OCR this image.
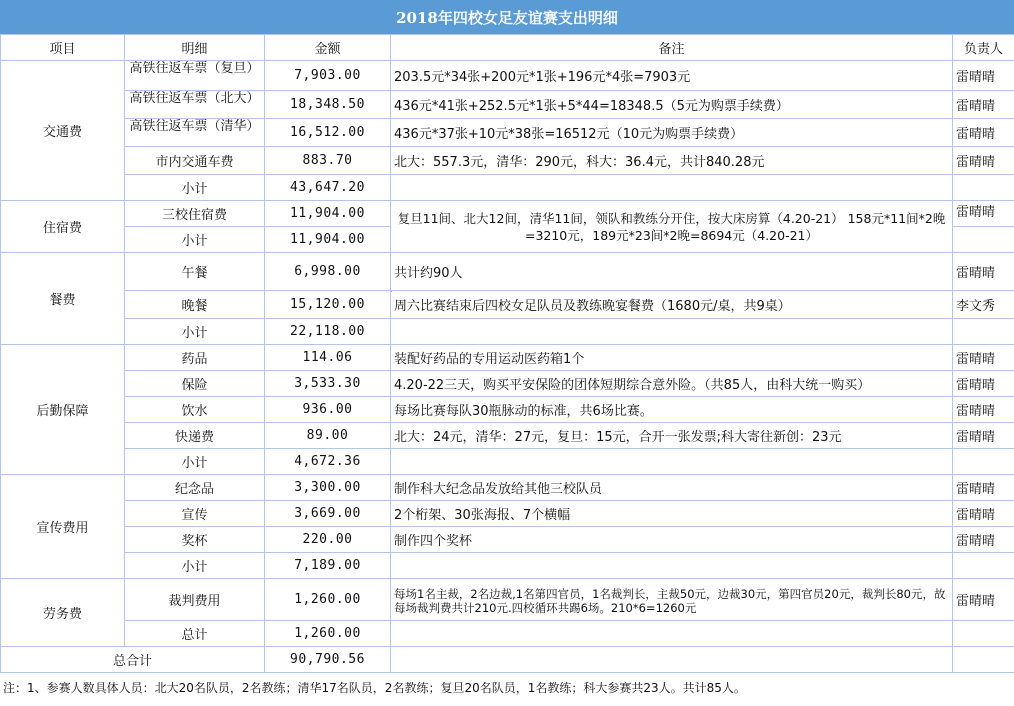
2018年四校女足友谊赛支出明细
项目	明细	金额	备注	负责人
交通费	高铁往返车票（复旦）	7,903.00	203.5元*34张+200元*1张+196元*4张=7903元	雷晴晴
	高铁往返车票（北大）	18,348.50	436元*41张+252.5元*1张+5*44=18348.5（5元为购票手续费）	雷晴晴
	高铁往返车票（清华）	16,512.00	436元*37张+10元*38张=16512元（10元为购票手续费）	雷晴晴
	市内交通车费	883.70	北大：557.3元，清华：290元，科大：36.4元，共计840.28元	雷晴晴
	小计	43,647.20		
住宿费	三校住宿费	11,904.00	复旦11间、北大12间，清华11间，领队和教练分开住，按大床房算（4.20-21） 158元*11间*2晚=3210元，189元*23间*2晚=8694元（4.20-21）	雷晴晴
	小计	11,904.00		
餐费	午餐	6,998.00	共计约90人	雷晴晴
	晚餐	15,120.00	周六比赛结束后四校女足队员及教练晚宴餐费（1680元/桌，共9桌）	李文秀
	小计	22,118.00		
后勤保障	药品	114.06	装配好药品的专用运动医药箱1个	雷晴晴
	保险	3,533.30	4.20-22三天，购买平安保险的团体短期综合意外险。（共85人，由科大统一购买）	雷晴晴
	饮水	936.00	每场比赛每队30瓶脉动的标准，共6场比赛。	雷晴晴
	快递费	89.00	北大：24元，清华：27元，复旦：15元，合开一张发票;科大寄往新创：23元	雷晴晴
	小计	4,672.36		
宣传费用	纪念品	3,300.00	制作科大纪念品发放给其他三校队员	雷晴晴
	宣传	3,669.00	2个桁架、30张海报、7个横幅	雷晴晴
	奖杯	220.00	制作四个奖杯	雷晴晴
	小计	7,189.00		
劳务费	裁判费用	1,260.00	每场1名主裁，2名边裁,1名第四官员，1名裁判长，主裁50元，边裁30元，第四官员20元，裁判长80元，故每场裁判费共计210元.四校循环共踢6场。210*6=1260元	雷晴晴
	总计	1,260.00		
总合计		90,790.56		
注：1、参赛人数具体人员：北大20名队员，2名教练；清华17名队员，2名教练；复旦20名队员，1名教练；科大参赛共23人。共计85人。
